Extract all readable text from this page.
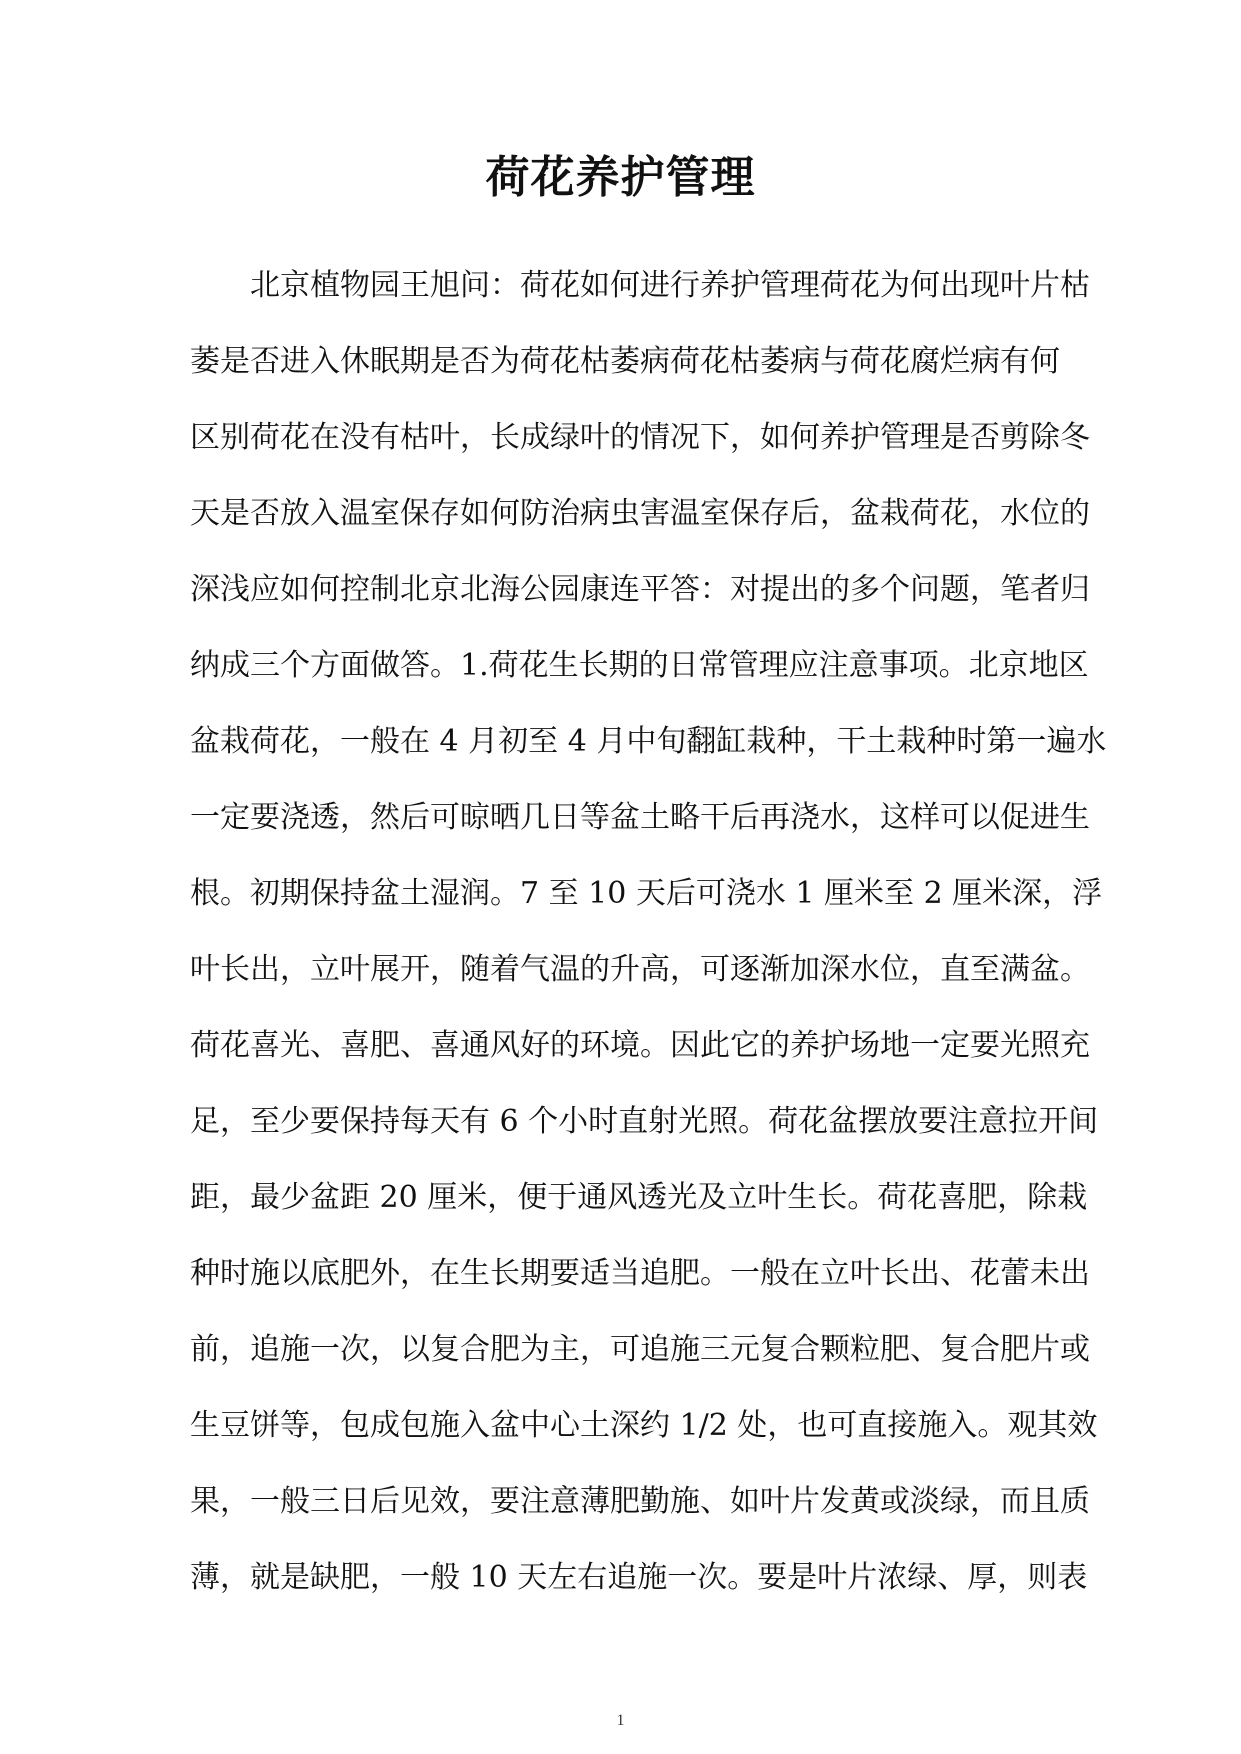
荷花养护管理
北京植物园王旭问：荷花如何进行养护管理荷花为何出现叶片枯
萎是否进入休眠期是否为荷花枯萎病荷花枯萎病与荷花腐烂病有何
区别荷花在没有枯叶，长成绿叶的情况下，如何养护管理是否剪除冬
天是否放入温室保存如何防治病虫害温室保存后，盆栽荷花，水位的
深浅应如何控制北京北海公园康连平答：对提出的多个问题，笔者归
纳成三个方面做答。1.荷花生长期的日常管理应注意事项。北京地区
盆栽荷花，一般在 4 月初至 4 月中旬翻缸栽种，干土栽种时第一遍水
一定要浇透，然后可晾晒几日等盆土略干后再浇水，这样可以促进生
根。初期保持盆土湿润。7 至 10 天后可浇水 1 厘米至 2 厘米深，浮
叶长出，立叶展开，随着气温的升高，可逐渐加深水位，直至满盆。
荷花喜光、喜肥、喜通风好的环境。因此它的养护场地一定要光照充
足，至少要保持每天有 6 个小时直射光照。荷花盆摆放要注意拉开间
距，最少盆距 20 厘米，便于通风透光及立叶生长。荷花喜肥，除栽
种时施以底肥外，在生长期要适当追肥。一般在立叶长出、花蕾未出
前，追施一次，以复合肥为主，可追施三元复合颗粒肥、复合肥片或
生豆饼等，包成包施入盆中心土深约 1/2 处，也可直接施入。观其效
果，一般三日后见效，要注意薄肥勤施、如叶片发黄或淡绿，而且质
薄，就是缺肥，一般 10 天左右追施一次。要是叶片浓绿、厚，则表
1
